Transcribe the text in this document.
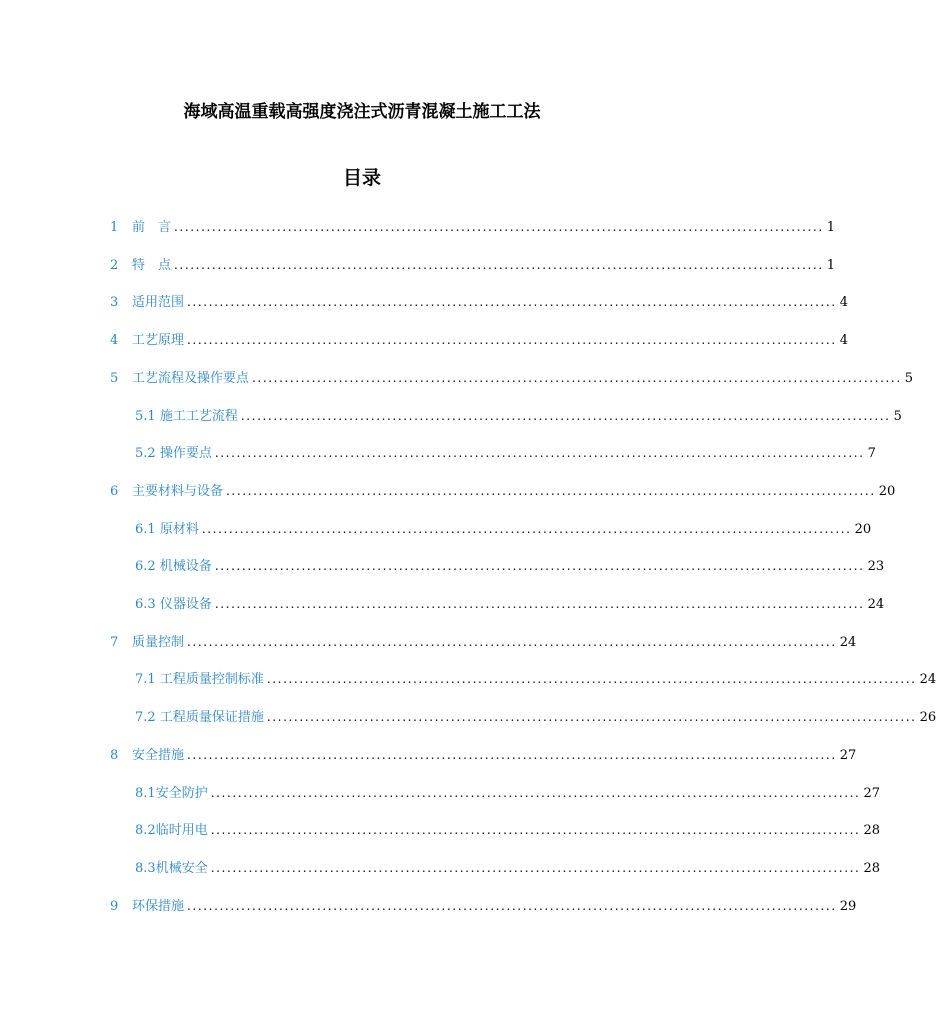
海域高温重载高强度浇注式沥青混凝土施工工法
目录
1	前　言 ........................................................................................................................ 1
2	特　点 ........................................................................................................................ 1
3	适用范围 ........................................................................................................................ 4
4	工艺原理 ........................................................................................................................ 4
5	工艺流程及操作要点 ........................................................................................................................ 5
5.1 施工工艺流程 ........................................................................................................................ 5
5.2 操作要点 ........................................................................................................................ 7
6	主要材料与设备 ........................................................................................................................ 20
6.1 原材料 ........................................................................................................................ 20
6.2 机械设备 ........................................................................................................................ 23
6.3 仪器设备 ........................................................................................................................ 24
7	质量控制 ........................................................................................................................ 24
7.1 工程质量控制标准 ........................................................................................................................ 24
7.2 工程质量保证措施 ........................................................................................................................ 26
8	安全措施 ........................................................................................................................ 27
8.1 安全防护 ........................................................................................................................ 27
8.2 临时用电 ........................................................................................................................ 28
8.3 机械安全 ........................................................................................................................ 28
9	环保措施 ........................................................................................................................ 29
